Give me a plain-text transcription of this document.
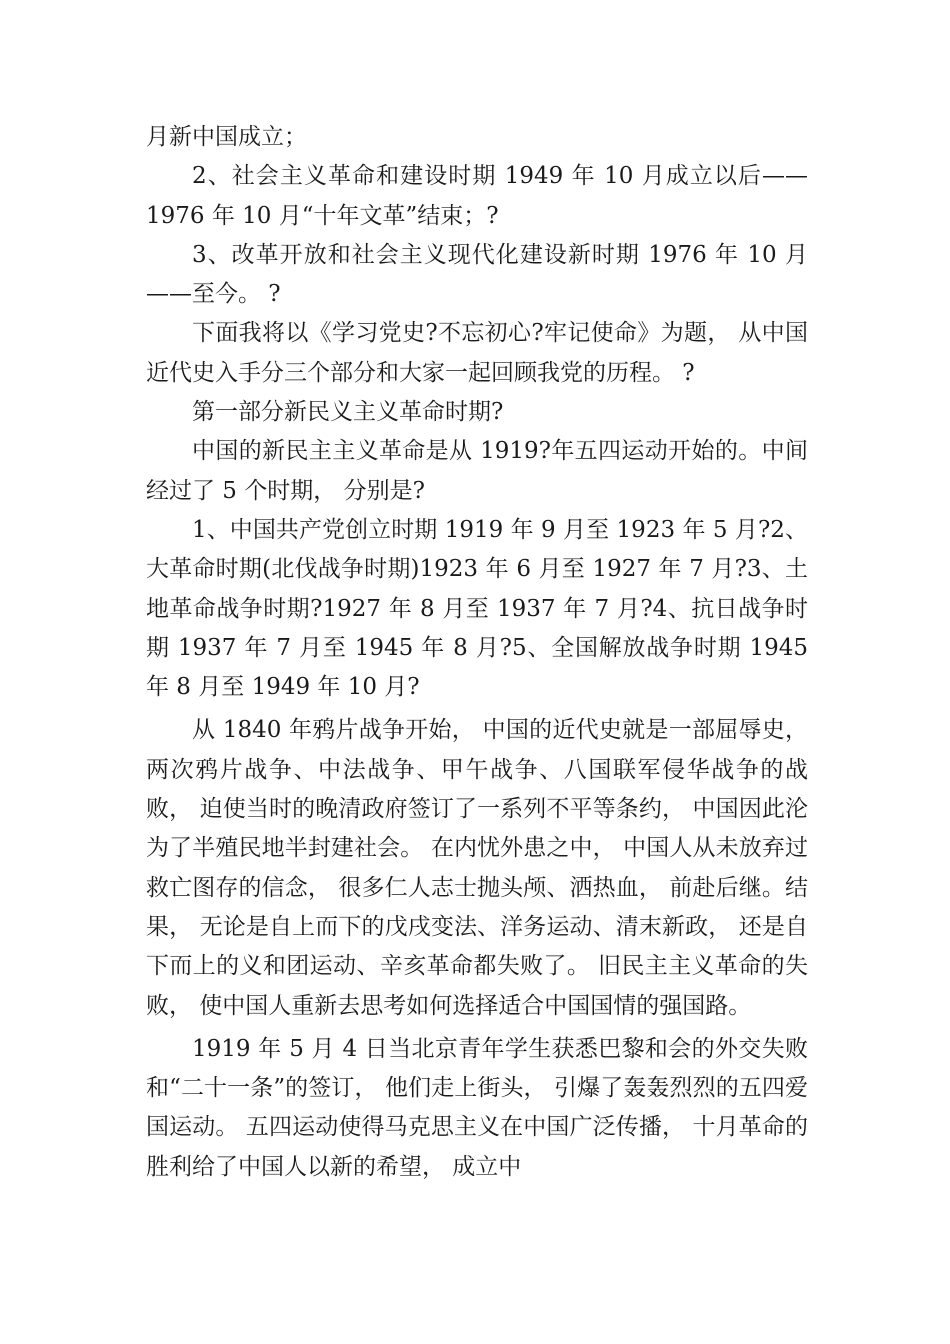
月新中国成立；

2、社会主义革命和建设时期 1949 年 10 月成立以后——1976 年 10 月“十年文革”结束；?

3、改革开放和社会主义现代化建设新时期 1976 年 10 月——至今。 ?

下面我将以《学习党史?不忘初心?牢记使命》为题， 从中国近代史入手分三个部分和大家一起回顾我党的历程。 ?

第一部分新民义主义革命时期?

中国的新民主主义革命是从 1919?年五四运动开始的。中间经过了 5 个时期， 分别是?

1、中国共产党创立时期 1919 年 9 月至 1923 年 5 月?2、大革命时期(北伐战争时期)1923 年 6 月至 1927 年 7 月?3、土地革命战争时期?1927 年 8 月至 1937 年 7 月?4、抗日战争时期 1937 年 7 月至 1945 年 8 月?5、全国解放战争时期 1945 年 8 月至 1949 年 10 月?

从 1840 年鸦片战争开始， 中国的近代史就是一部屈辱史， 两次鸦片战争、中法战争、甲午战争、八国联军侵华战争的战败， 迫使当时的晚清政府签订了一系列不平等条约， 中国因此沦为了半殖民地半封建社会。 在内忧外患之中， 中国人从未放弃过救亡图存的信念， 很多仁人志士抛头颅、洒热血， 前赴后继。结果， 无论是自上而下的戊戌变法、洋务运动、清末新政， 还是自下而上的义和团运动、辛亥革命都失败了。 旧民主主义革命的失败， 使中国人重新去思考如何选择适合中国国情的强国路。

1919 年 5 月 4 日当北京青年学生获悉巴黎和会的外交失败和“二十一条”的签订， 他们走上街头， 引爆了轰轰烈烈的五四爱国运动。 五四运动使得马克思主义在中国广泛传播， 十月革命的胜利给了中国人以新的希望， 成立中
